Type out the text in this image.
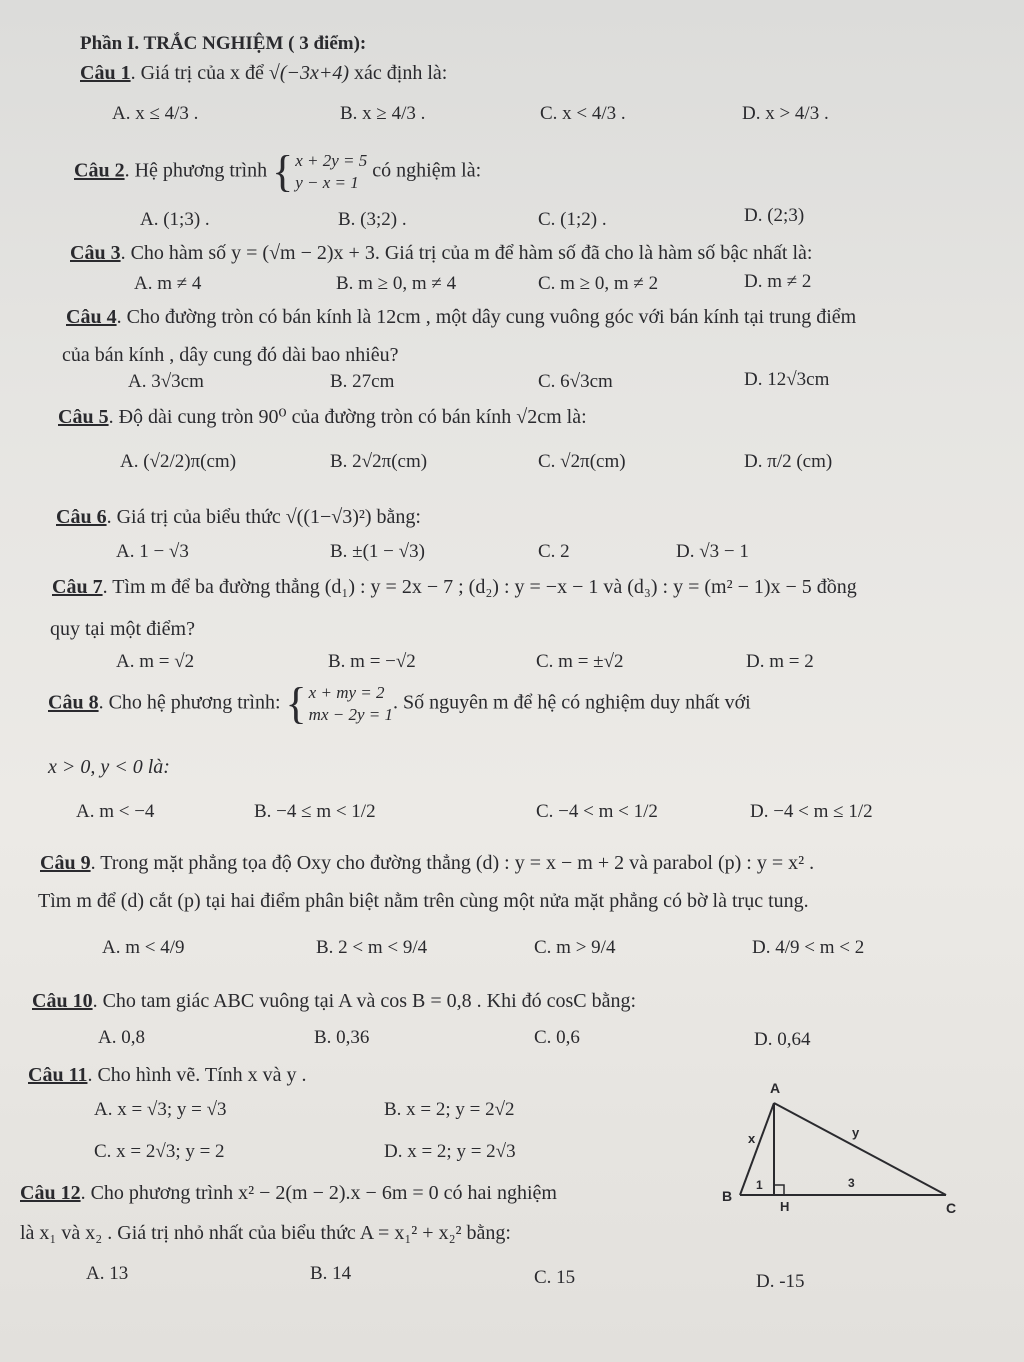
Phần I. TRẮC NGHIỆM ( 3 điểm):
Câu 1. Giá trị của x để √(−3x+4) xác định là:
A. x ≤ 4/3 .	B. x ≥ 4/3 .	C. x < 4/3 .	D. x > 4/3 .
Câu 2. Hệ phương trình { x + 2y = 5
y − x = 1
có nghiệm là:
A. (1;3) .	B. (3;2) .	C. (1;2) .	D. (2;3)
Câu 3. Cho hàm số y = (√m − 2)x + 3. Giá trị của m để hàm số đã cho là hàm số bậc nhất là:
A. m ≠ 4	B. m ≥ 0, m ≠ 4	C. m ≥ 0, m ≠ 2	D. m ≠ 2
Câu 4. Cho đường tròn có bán kính là 12cm , một dây cung vuông góc với bán kính tại trung điểm
của bán kính , dây cung đó dài bao nhiêu?
A. 3√3cm	B. 27cm	C. 6√3cm	D. 12√3cm
Câu 5. Độ dài cung tròn 90⁰ của đường tròn có bán kính √2cm là:
A. (√2/2)π(cm)	B. 2√2π(cm)	C. √2π(cm)	D. π/2 (cm)
Câu 6. Giá trị của biểu thức √((1−√3)²) bằng:
A. 1 − √3	B. ±(1 − √3)	C. 2	D. √3 − 1
Câu 7. Tìm m để ba đường thẳng (d₁) : y = 2x − 7 ; (d₂) : y = −x − 1 và (d₃) : y = (m² − 1)x − 5 đồng
quy tại một điểm?
A. m = √2	B. m = −√2	C. m = ±√2	D. m = 2
Câu 8. Cho hệ phương trình: { x + my = 2
mx − 2y = 1
. Số nguyên m để hệ có nghiệm duy nhất với
x > 0, y < 0 là:
A. m < −4	B. −4 ≤ m < 1/2	C. −4 < m < 1/2	D. −4 < m ≤ 1/2
Câu 9. Trong mặt phẳng tọa độ Oxy cho đường thẳng (d) : y = x − m + 2 và parabol (p) : y = x² .
Tìm m để (d) cắt (p) tại hai điểm phân biệt nằm trên cùng một nửa mặt phẳng có bờ là trục tung.
A. m < 4/9	B. 2 < m < 9/4	C. m > 9/4	D. 4/9 < m < 2
Câu 10. Cho tam giác ABC vuông tại A và cos B = 0,8 . Khi đó cosC bằng:
A. 0,8	B. 0,36	C. 0,6	D. 0,64
Câu 11. Cho hình vẽ. Tính x và y .
A. x = √3; y = √3	B. x = 2; y = 2√2
C. x = 2√3; y = 2	D. x = 2; y = 2√3
A
B
C
H
x	y
1	3
Câu 12. Cho phương trình x² − 2(m − 2).x − 6m = 0 có hai nghiệm
là x₁ và x₂ . Giá trị nhỏ nhất của biểu thức A = x₁² + x₂² bằng:
A. 13	B. 14	C. 15	D. -15
